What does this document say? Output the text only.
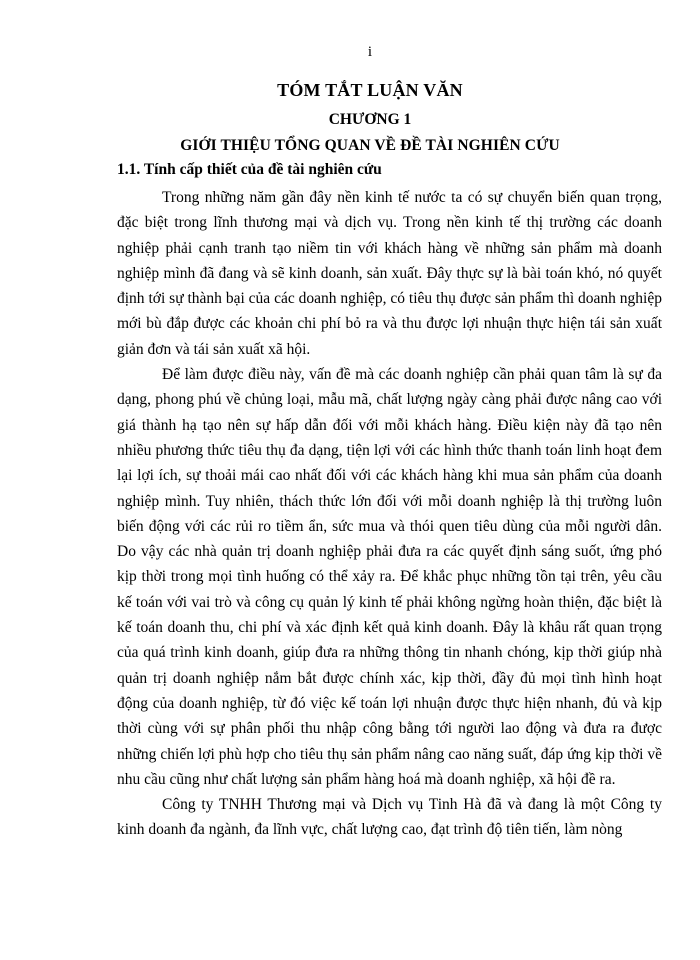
i
TÓM TẮT LUẬN VĂN
CHƯƠNG 1
GIỚI THIỆU TỔNG QUAN VỀ ĐỀ TÀI NGHIÊN CỨU
1.1. Tính cấp thiết của đề tài nghiên cứu

Trong những năm gần đây nền kinh tế nước ta có sự chuyển biến quan trọng, đặc biệt trong lĩnh thương mại và dịch vụ. Trong nền kinh tế thị trường các doanh nghiệp phải cạnh tranh tạo niềm tin với khách hàng về những sản phẩm mà doanh nghiệp mình đã đang và sẽ kinh doanh, sản xuất. Đây thực sự là bài toán khó, nó quyết định tới sự thành bại của các doanh nghiệp, có tiêu thụ được sản phẩm thì doanh nghiệp mới bù đắp được các khoản chi phí bỏ ra và thu được lợi nhuận thực hiện tái sản xuất giản đơn và tái sản xuất xã hội.

Để làm được điều này, vấn đề mà các doanh nghiệp cần phải quan tâm là sự đa dạng, phong phú về chủng loại, mẫu mã, chất lượng ngày càng phải được nâng cao với giá thành hạ tạo nên sự hấp dẫn đối với mỗi khách hàng. Điều kiện này đã tạo nên nhiều phương thức tiêu thụ đa dạng, tiện lợi với các hình thức thanh toán linh hoạt đem lại lợi ích, sự thoải mái cao nhất đối với các khách hàng khi mua sản phẩm của doanh nghiệp mình. Tuy nhiên, thách thức lớn đối với mỗi doanh nghiệp là thị trường luôn biến động với các rủi ro tiềm ẩn, sức mua và thói quen tiêu dùng của mỗi người dân. Do vậy các nhà quản trị doanh nghiệp phải đưa ra các quyết định sáng suốt, ứng phó kịp thời trong mọi tình huống có thể xảy ra. Để khắc phục những tồn tại trên, yêu cầu kế toán với vai trò và công cụ quản lý kinh tế phải không ngừng hoàn thiện, đặc biệt là kế toán doanh thu, chi phí và xác định kết quả kinh doanh. Đây là khâu rất quan trọng của quá trình kinh doanh, giúp đưa ra những thông tin nhanh chóng, kịp thời giúp nhà quản trị doanh nghiệp nắm bắt được chính xác, kịp thời, đầy đủ mọi tình hình hoạt động của doanh nghiệp, từ đó việc kế toán lợi nhuận được thực hiện nhanh, đủ và kịp thời cùng với sự phân phối thu nhập công bằng tới người lao động và đưa ra được những chiến lợi phù hợp cho tiêu thụ sản phẩm nâng cao năng suất, đáp ứng kịp thời về nhu cầu cũng như chất lượng sản phẩm hàng hoá mà doanh nghiệp, xã hội đề ra.

Công ty TNHH Thương mại và Dịch vụ Tinh Hà đã và đang là một Công ty kinh doanh đa ngành, đa lĩnh vực, chất lượng cao, đạt trình độ tiên tiến, làm nòng
